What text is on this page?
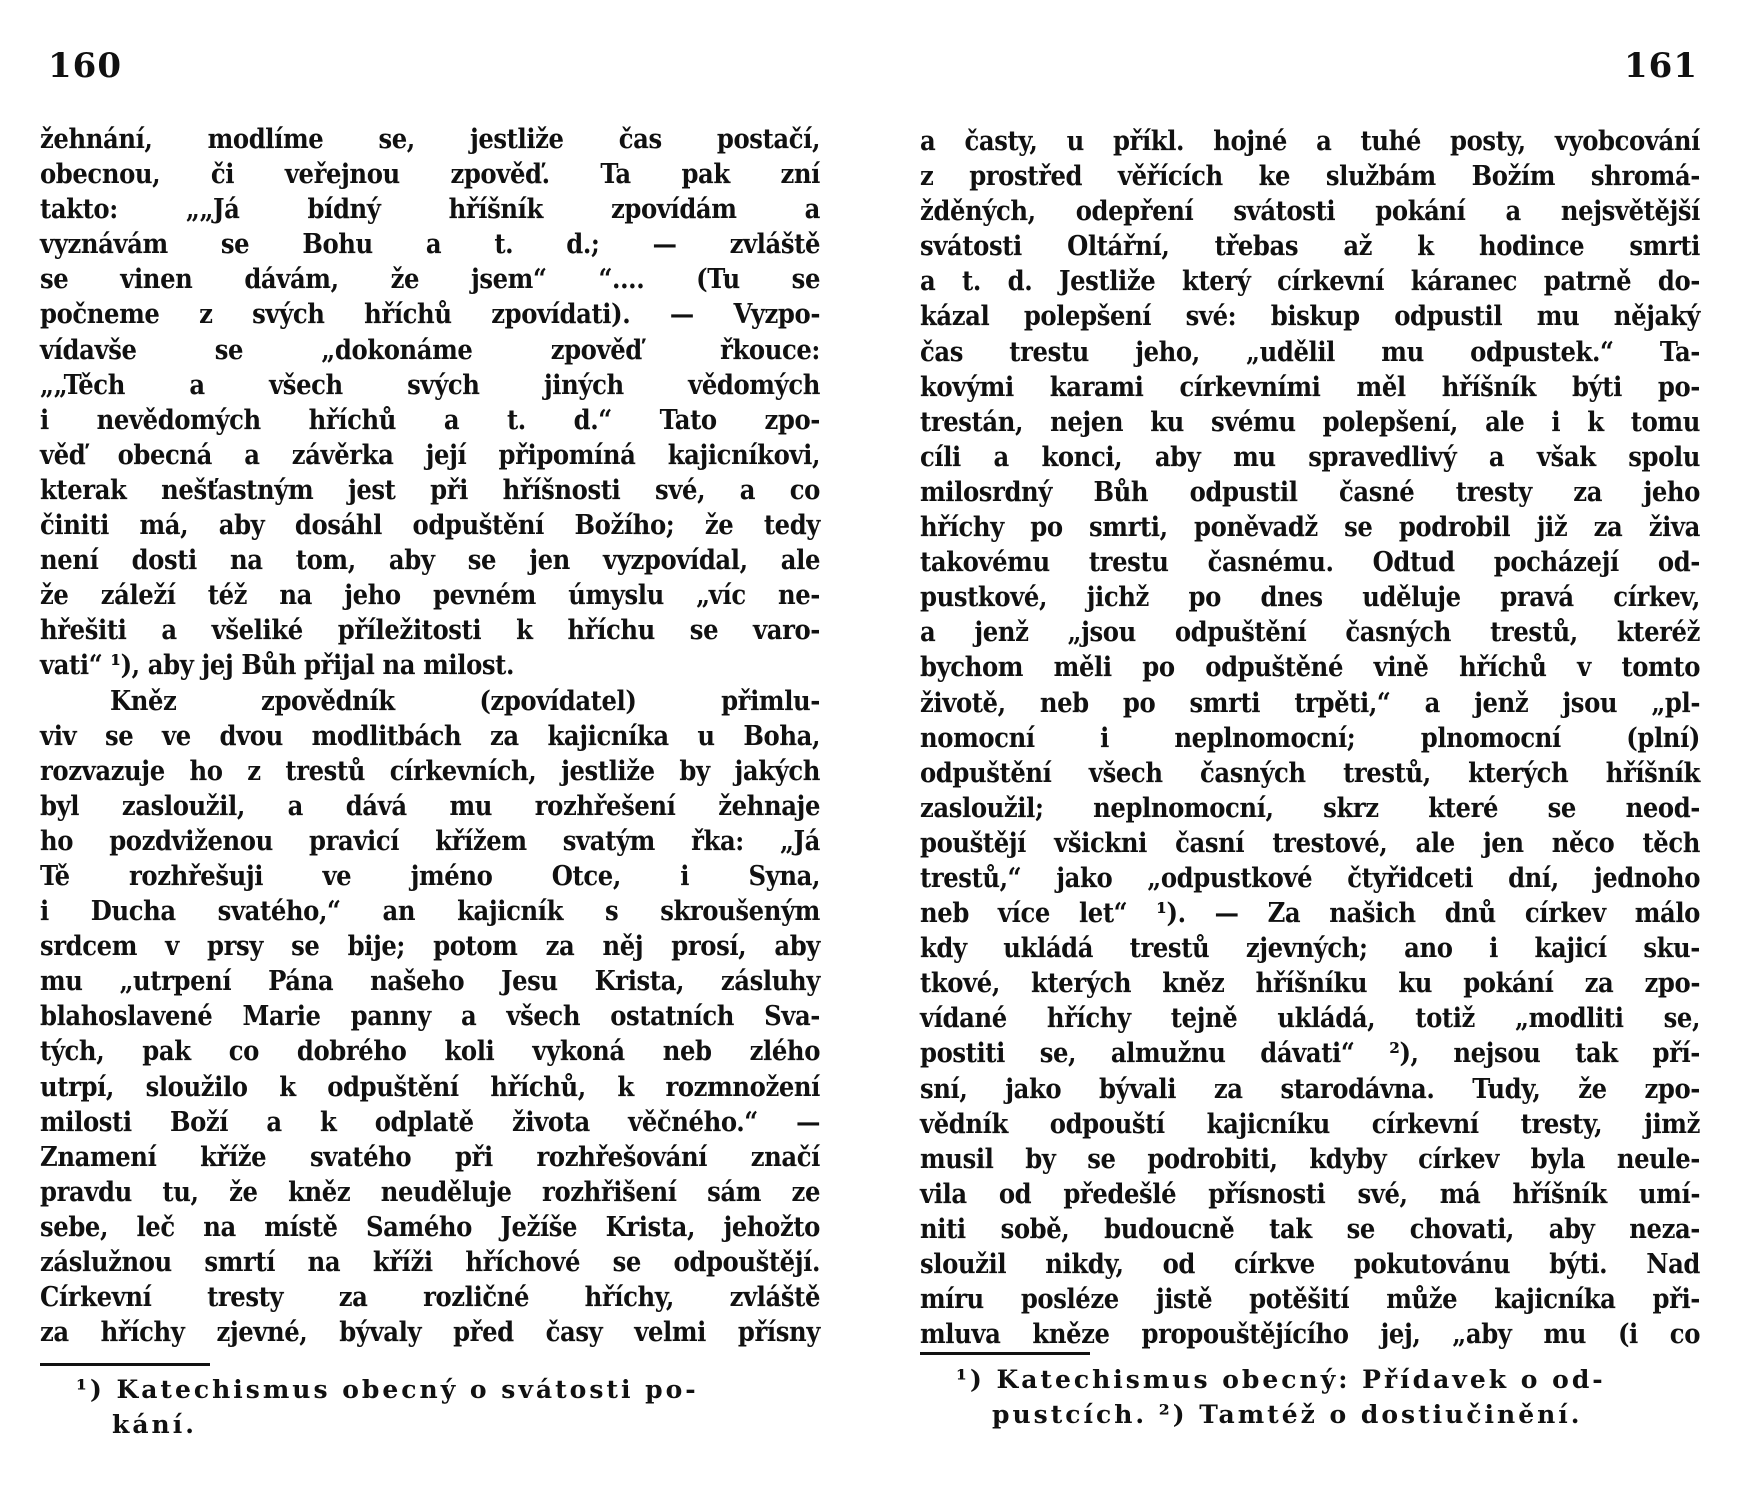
160
žehnání, modlíme se, jestliže čas postačí,
obecnou, či veřejnou zpověď. Ta pak zní
takto: „„Já bídný hříšník zpovídám a
vyznávám se Bohu a t. d.; — zvláště
se vinen dávám, že jsem“ “.... (Tu se
počneme z svých hříchů zpovídati). — Vyzpo-
vídavše se „dokonáme zpověď řkouce:
„„Těch a všech svých jiných vědomých
i nevědomých hříchů a t. d.“ Tato zpo-
věď obecná a závěrka její připomíná kajicníkovi,
kterak nešťastným jest při hříšnosti své, a co
činiti má, aby dosáhl odpuštění Božího; že tedy
není dosti na tom, aby se jen vyzpovídal, ale
že záleží též na jeho pevném úmyslu „víc ne-
hřešiti a všeliké příležitosti k hříchu se varo-
vati“ ¹), aby jej Bůh přijal na milost.
Kněz zpovědník (zpovídatel) přimlu-
viv se ve dvou modlitbách za kajicníka u Boha,
rozvazuje ho z trestů církevních, jestliže by jakých
byl zasloužil, a dává mu rozhřešení žehnaje
ho pozdviženou pravicí křížem svatým řka: „Já
Tě rozhřešuji ve jméno Otce, i Syna,
i Ducha svatého,“ an kajicník s skroušeným
srdcem v prsy se bije; potom za něj prosí, aby
mu „utrpení Pána našeho Jesu Krista, zásluhy
blahoslavené Marie panny a všech ostatních Sva-
tých, pak co dobrého koli vykoná neb zlého
utrpí, sloužilo k odpuštění hříchů, k rozmnožení
milosti Boží a k odplatě života věčného.“ —
Znamení kříže svatého při rozhřešování značí
pravdu tu, že kněz neuděluje rozhřišení sám ze
sebe, leč na místě Samého Ježíše Krista, jehožto
záslužnou smrtí na kříži hříchové se odpouštějí.
Církevní tresty za rozličné hříchy, zvláště
za hříchy zjevné, bývaly před časy velmi přísny
¹) Katechismus obecný o svátosti po-
kání.
161
a časty, u příkl. hojné a tuhé posty, vyobcování
z prostřed věřících ke službám Božím shromá-
žděných, odepření svátosti pokání a nejsvětější
svátosti Oltářní, třebas až k hodince smrti
a t. d. Jestliže který církevní káranec patrně do-
kázal polepšení své: biskup odpustil mu nějaký
čas trestu jeho, „udělil mu odpustek.“ Ta-
kovými karami církevními měl hříšník býti po-
trestán, nejen ku svému polepšení, ale i k tomu
cíli a konci, aby mu spravedlivý a však spolu
milosrdný Bůh odpustil časné tresty za jeho
hříchy po smrti, poněvadž se podrobil již za živa
takovému trestu časnému. Odtud pocházejí od-
pustkové, jichž po dnes uděluje pravá církev,
a jenž „jsou odpuštění časných trestů, kteréž
bychom měli po odpuštěné vině hříchů v tomto
životě, neb po smrti trpěti,“ a jenž jsou „pl-
nomocní i neplnomocní; plnomocní (plní)
odpuštění všech časných trestů, kterých hříšník
zasloužil; neplnomocní, skrz které se neod-
pouštějí všickni časní trestové, ale jen něco těch
trestů,“ jako „odpustkové čtyřidceti dní, jednoho
neb více let“ ¹). — Za našich dnů církev málo
kdy ukládá trestů zjevných; ano i kajicí sku-
tkové, kterých kněz hříšníku ku pokání za zpo-
vídané hříchy tejně ukládá, totiž „modliti se,
postiti se, almužnu dávati“ ²), nejsou tak pří-
sní, jako bývali za starodávna. Tudy, že zpo-
vědník odpouští kajicníku církevní tresty, jimž
musil by se podrobiti, kdyby církev byla neule-
vila od předešlé přísnosti své, má hříšník umí-
niti sobě, budoucně tak se chovati, aby neza-
sloužil nikdy, od církve pokutovánu býti. Nad
míru posléze jistě potěšití může kajicníka při-
mluva kněze propouštějícího jej, „aby mu (i co
¹) Katechismus obecný: Přídavek o od-
pustcích. ²) Tamtéž o dostiučinění.
